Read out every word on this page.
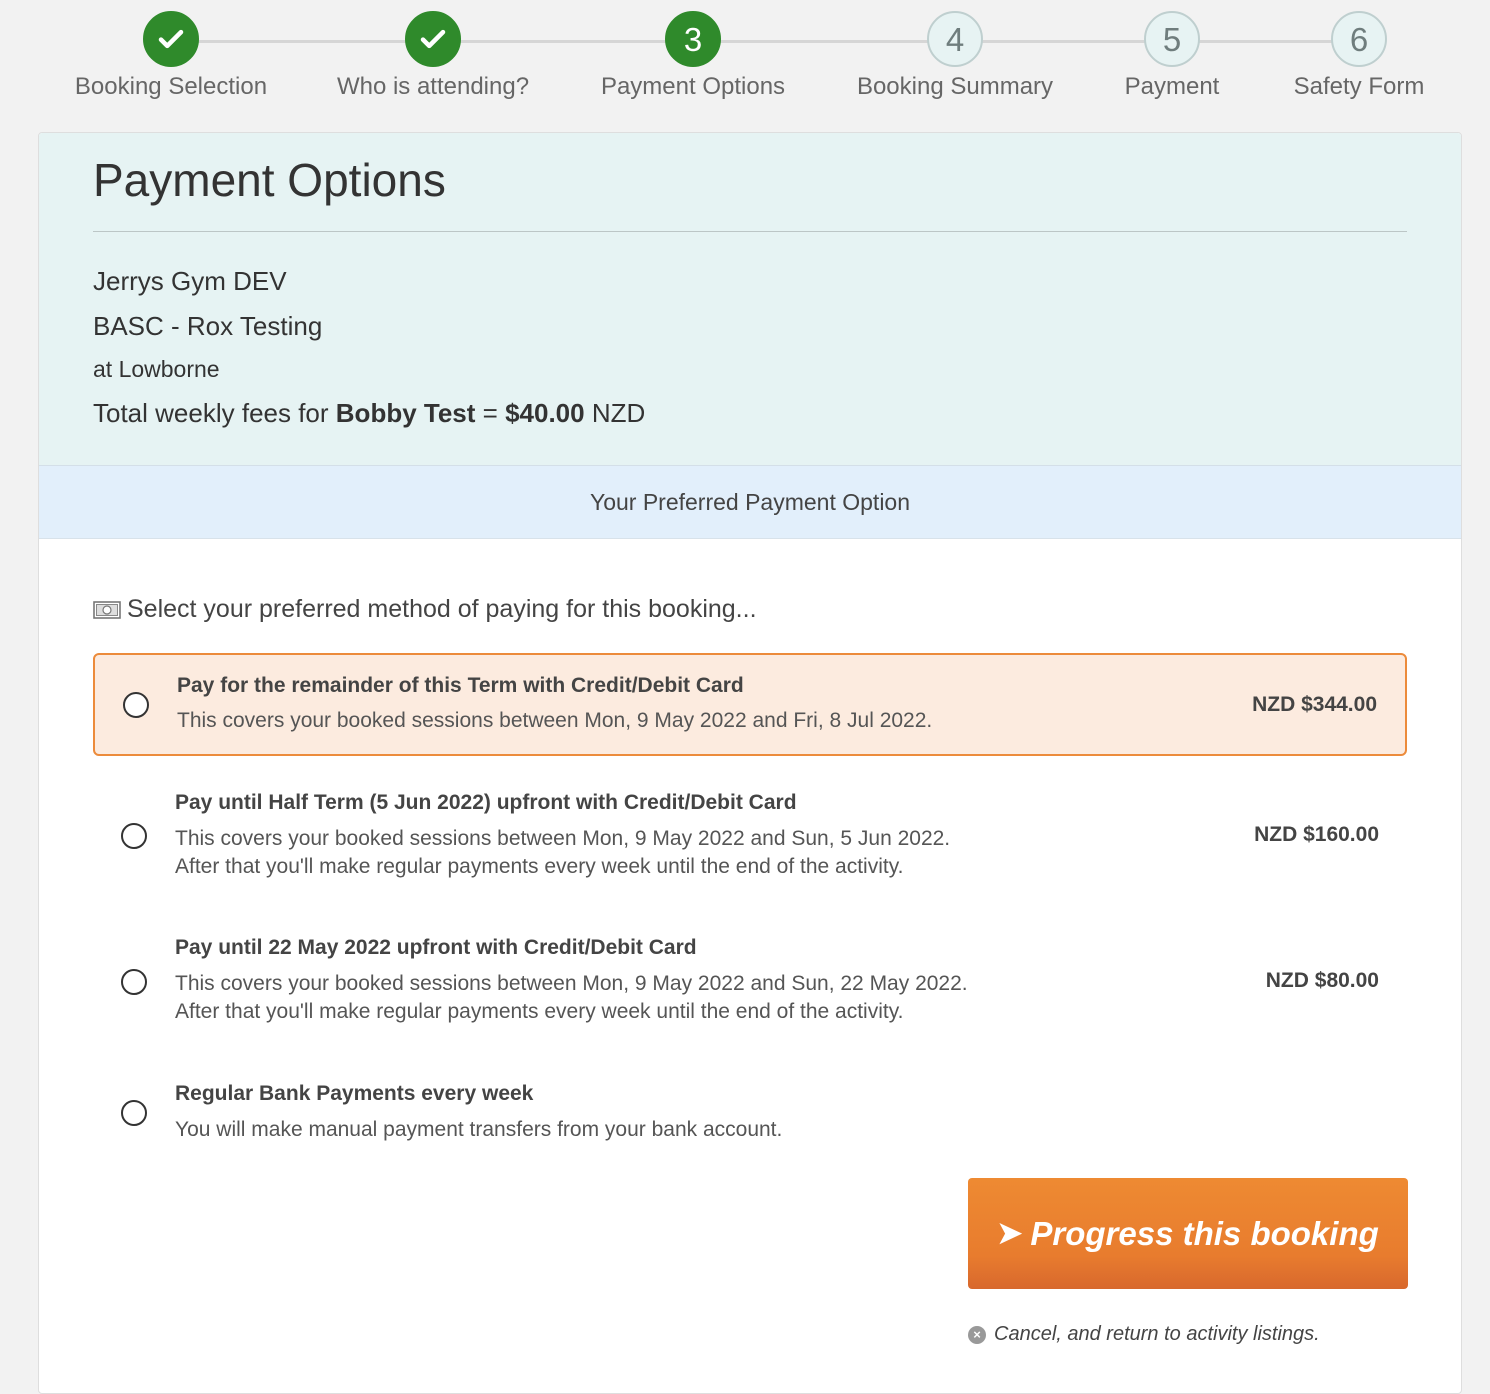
Booking Selection	Who is attending?
3
Payment Options
4
Booking Summary
5
Payment
6
Safety Form
Payment Options
Jerrys Gym DEV
BASC - Rox Testing
at Lowborne
Total weekly fees for Bobby Test = $40.00 NZD
Your Preferred Payment Option
Select your preferred method of paying for this booking...
Pay for the remainder of this Term with Credit/Debit Card
This covers your booked sessions between Mon, 9 May 2022 and Fri, 8 Jul 2022.
NZD $344.00
Pay until Half Term (5 Jun 2022) upfront with Credit/Debit Card
This covers your booked sessions between Mon, 9 May 2022 and Sun, 5 Jun 2022.
After that you'll make regular payments every week until the end of the activity.
NZD $160.00
Pay until 22 May 2022 upfront with Credit/Debit Card
This covers your booked sessions between Mon, 9 May 2022 and Sun, 22 May 2022.
After that you'll make regular payments every week until the end of the activity.
NZD $80.00
Regular Bank Payments every week
You will make manual payment transfers from your bank account.
➤ Progress this booking
× Cancel, and return to activity listings.
